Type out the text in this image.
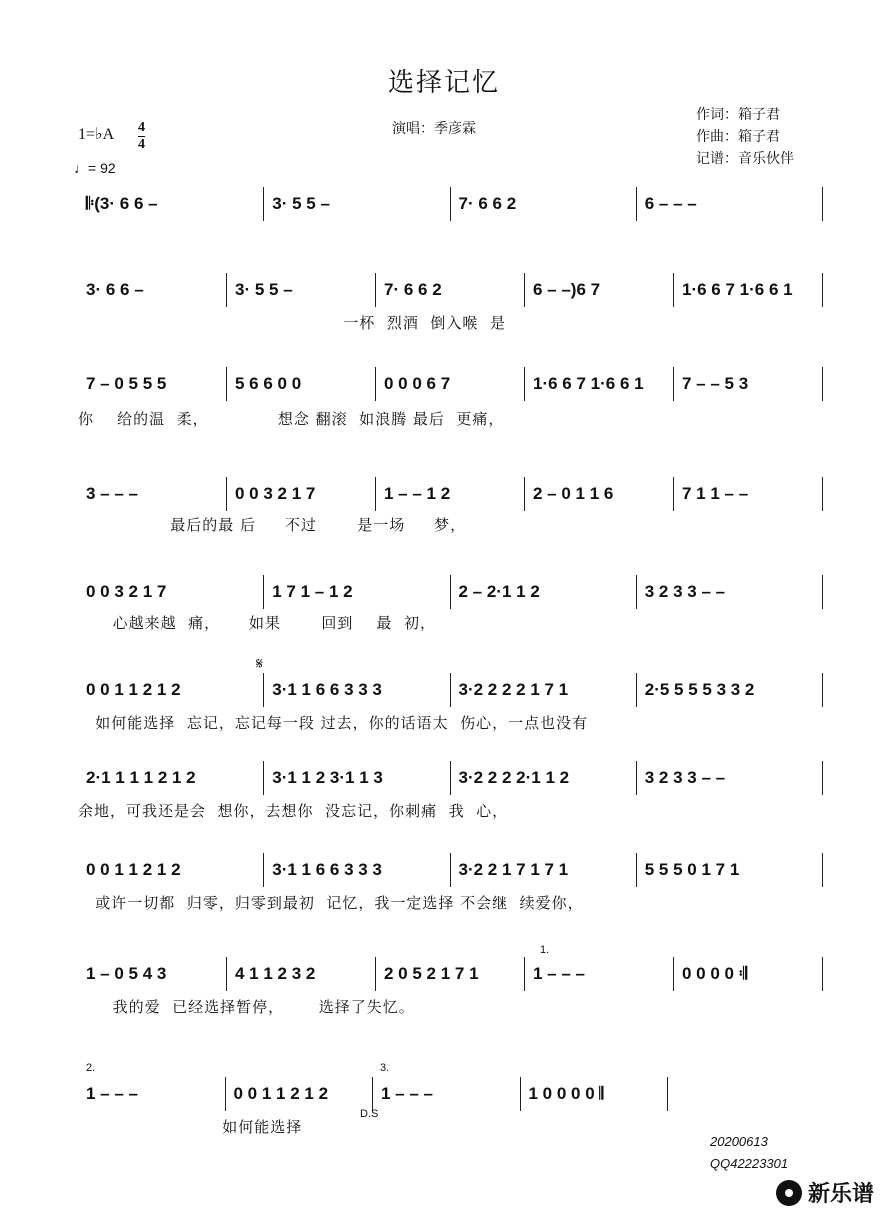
选择记忆
演唱：季彦霖
作词：箱子君
作曲：箱子君
记谱：音乐伙伴
1=♭A 4
4
♩= 92
𝄆(3· 6 6 –	3· 5 5 –	7· 6 6 2	6 – – –
3· 6 6 –	3· 5 5 –	7· 6 6 2	6 – –)6 7	1·6 6 7 1·6 6 1
一杯  烈酒  倒入喉  是
7 – 0 5 5 5	5 6 6 0 0	0 0 0 6 7	1·6 6 7 1·6 6 1	7 – – 5 3
你    给的温  柔，            想念 翻滚  如浪腾 最后  更痛，
3 – – –	0 0 3 2 1 7	1 – – 1 2	2 – 0 1 1 6	7 1 1 – –
最后的最 后     不过       是一场     梦，
0 0 3 2 1 7	1 7 1 – 1 2	2 – 2·1 1 2	3 2 3 3 – –
心越来越  痛，     如果       回到    最  初，
0 0 1 1 2 1 2	3·1 1 6 6 3 3 3	3·2 2 2 2 1 7 1	2·5 5 5 5 3 3 2
如何能选择  忘记，忘记每一段 过去，你的话语太  伤心，一点也没有
2·1 1 1 1 2 1 2	3·1 1 2 3·1 1 3	3·2 2 2 2·1 1 2	3 2 3 3 – –
余地，可我还是会  想你，去想你  没忘记，你刺痛  我  心，
0 0 1 1 2 1 2	3·1 1 6 6 3 3 3	3·2 2 1 7 1 7 1	5 5 5 0 1 7 1
或许一切都  归零，归零到最初  记忆，我一定选择 不会继  续爱你，
1 – 0 5 4 3	4 1 1 2 3 2	2 0 5 2 1 7 1	1 – – –	0 0 0 0 𝄇
我的爱  已经选择暂停，      选择了失忆。
1 – – –	0 0 1 1 2 1 2	1 – – –	1 0 0 0 0 𝄂
如何能选择
1.
2.	3.
𝄋
D.S
20200613
QQ42223301
新乐谱
